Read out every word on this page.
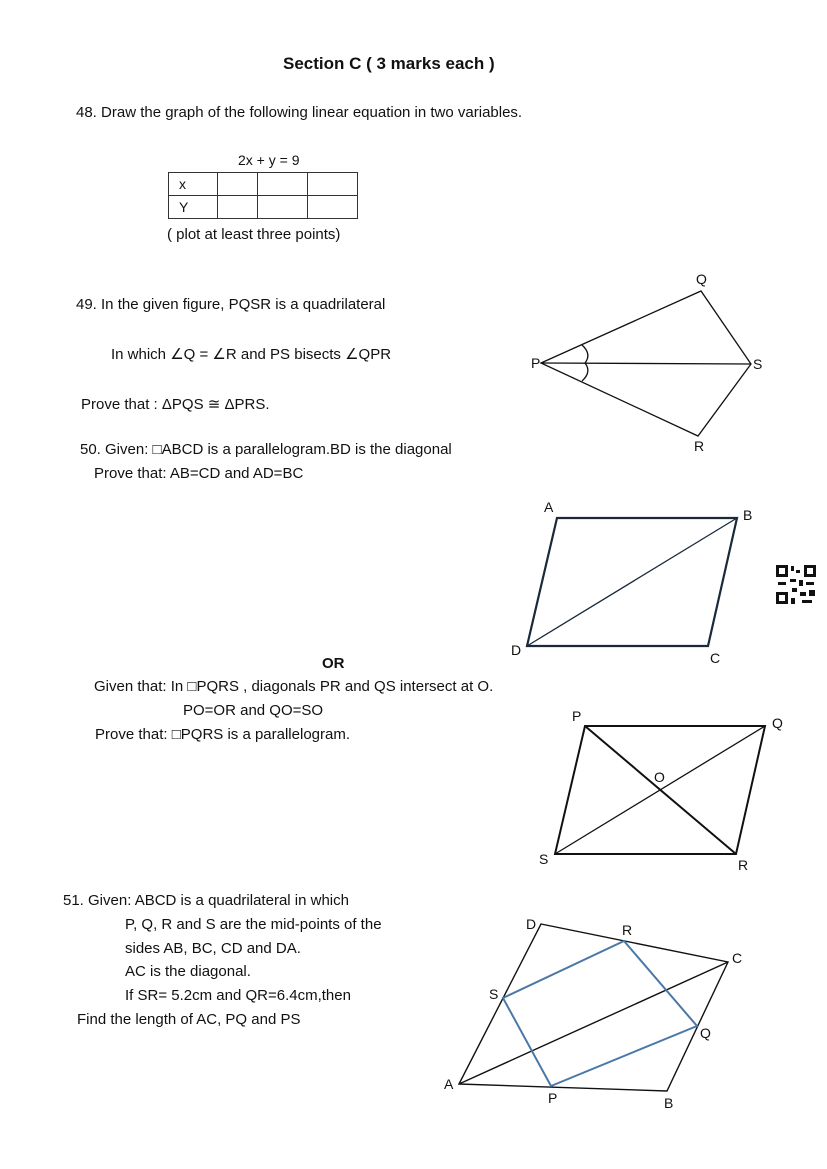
Section C ( 3 marks each )
48. Draw the graph of the following linear equation in two variables.
2x + y = 9
x			
Y			
( plot at least three points)
49. In the given figure, PQSR is a quadrilateral
In which ∠Q = ∠R and PS bisects ∠QPR
Prove that : ΔPQS ≅ ΔPRS.
50. Given: □ABCD is a parallelogram.BD is the diagonal
Prove that: AB=CD and AD=BC
OR
Given that: In □PQRS , diagonals PR and QS intersect at O.
PO=OR and QO=SO
Prove that: □PQRS is a parallelogram.
51. Given: ABCD is a quadrilateral in which
P, Q, R and S are the mid-points of the
sides AB, BC, CD and DA.
AC is the diagonal.
If SR= 5.2cm and QR=6.4cm,then
Find the length of AC, PQ and PS
P
Q
S
R
A	B
C
D
P	Q
R
S
O
A
B
C
D
P
Q
R
S
